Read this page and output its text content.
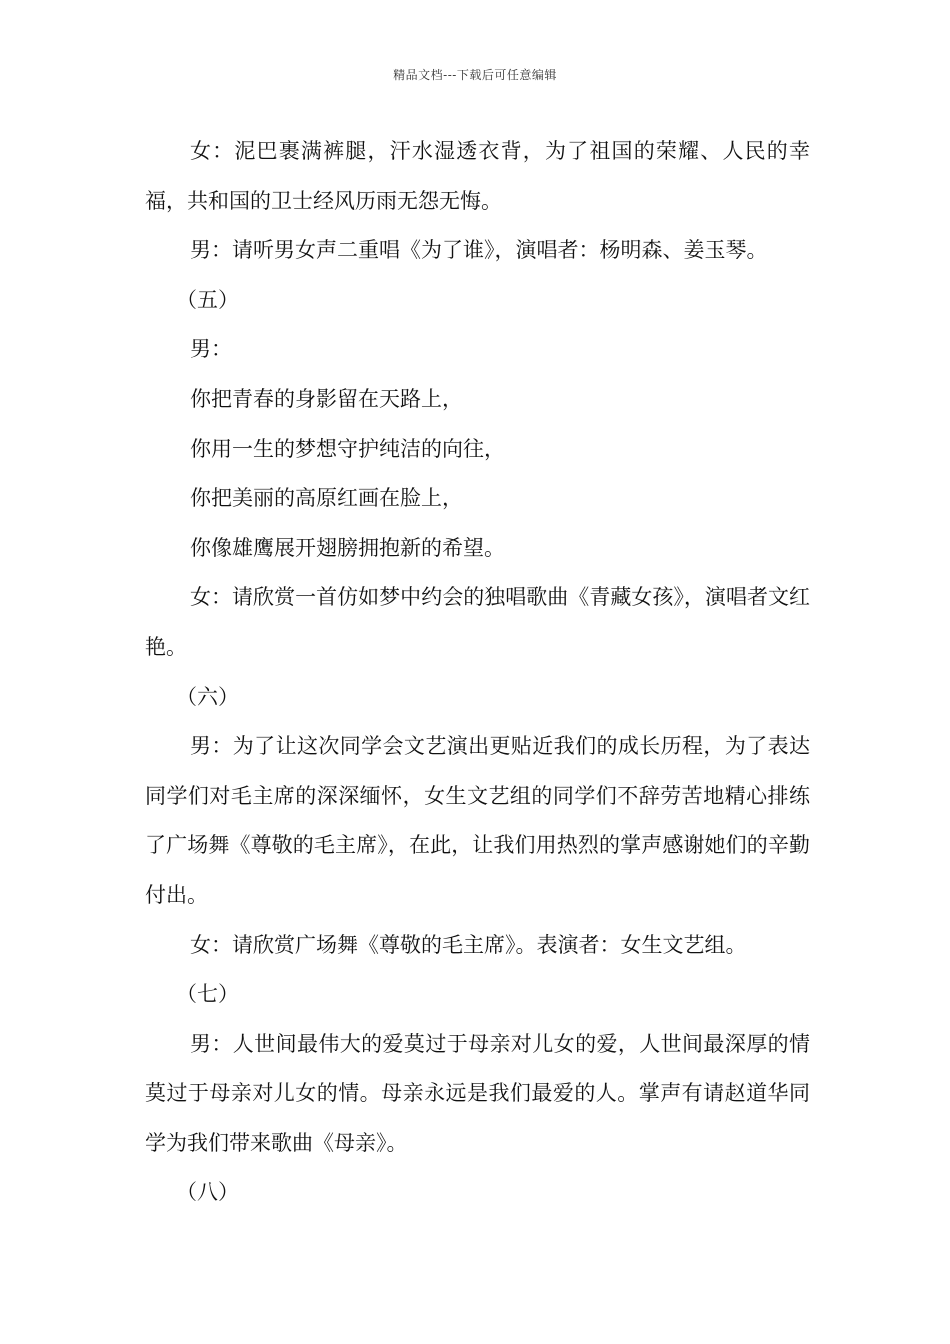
精品文档---下载后可任意编辑

女：泥巴裹满裤腿，汗水湿透衣背，为了祖国的荣耀、人民的幸福，共和国的卫士经风历雨无怨无悔。

男：请听男女声二重唱《为了谁》，演唱者：杨明森、姜玉琴。

（五）

男：

你把青春的身影留在天路上，

你用一生的梦想守护纯洁的向往，

你把美丽的高原红画在脸上，

你像雄鹰展开翅膀拥抱新的希望。

女：请欣赏一首仿如梦中约会的独唱歌曲《青藏女孩》，演唱者文红艳。

（六）

男：为了让这次同学会文艺演出更贴近我们的成长历程，为了表达同学们对毛主席的深深缅怀，女生文艺组的同学们不辞劳苦地精心排练了广场舞《尊敬的毛主席》，在此，让我们用热烈的掌声感谢她们的辛勤付出。

女：请欣赏广场舞《尊敬的毛主席》。表演者：女生文艺组。

（七）

男：人世间最伟大的爱莫过于母亲对儿女的爱，人世间最深厚的情莫过于母亲对儿女的情。母亲永远是我们最爱的人。掌声有请赵道华同学为我们带来歌曲《母亲》。

（八）
